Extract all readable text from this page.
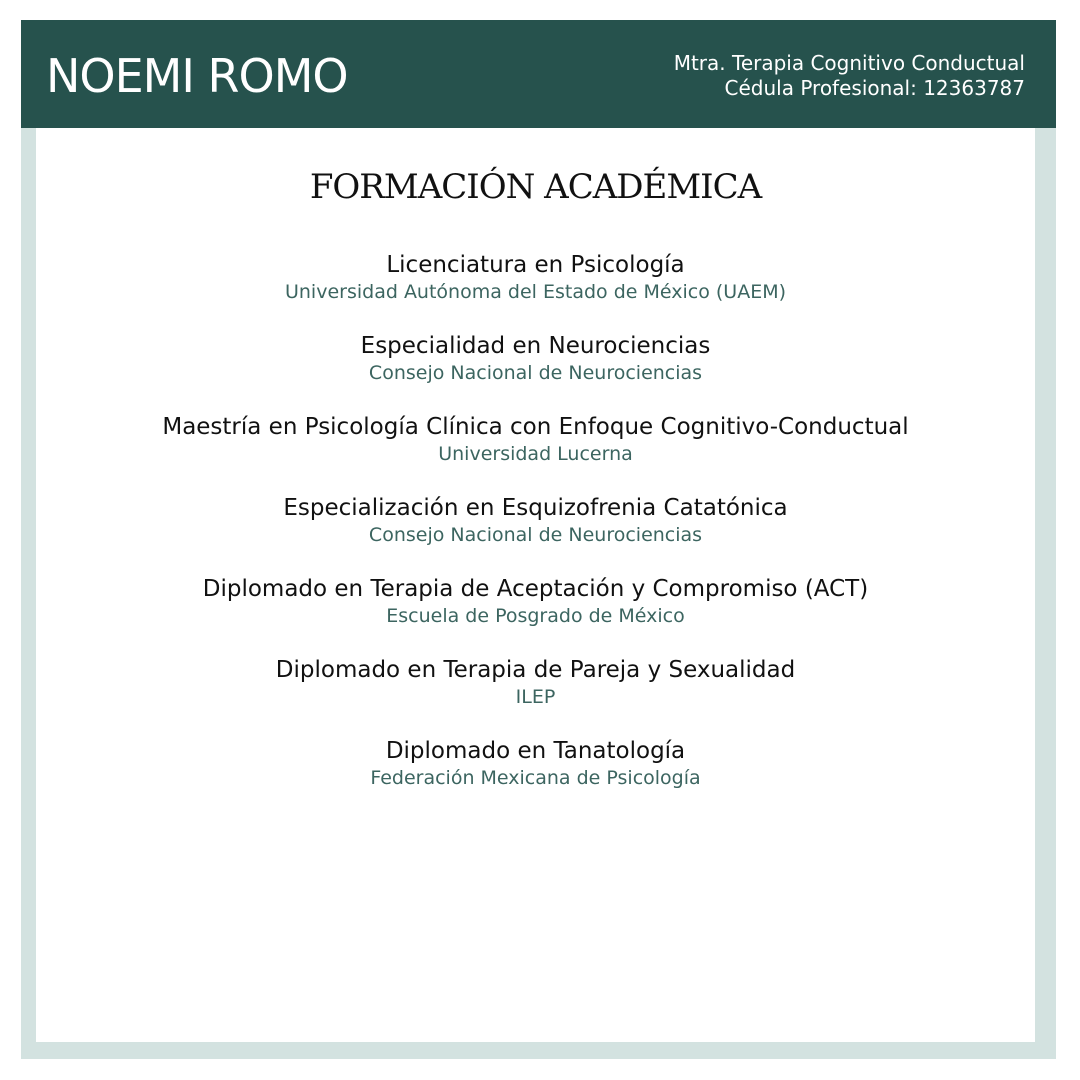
NOEMI ROMO	Mtra. Terapia Cognitivo Conductual
Cédula Profesional: 12363787
FORMACIÓN ACADÉMICA
Licenciatura en Psicología
Universidad Autónoma del Estado de México (UAEM)
Especialidad en Neurociencias
Consejo Nacional de Neurociencias
Maestría en Psicología Clínica con Enfoque Cognitivo-Conductual
Universidad Lucerna
Especialización en Esquizofrenia Catatónica
Consejo Nacional de Neurociencias
Diplomado en Terapia de Aceptación y Compromiso (ACT)
Escuela de Posgrado de México
Diplomado en Terapia de Pareja y Sexualidad
ILEP
Diplomado en Tanatología
Federación Mexicana de Psicología
